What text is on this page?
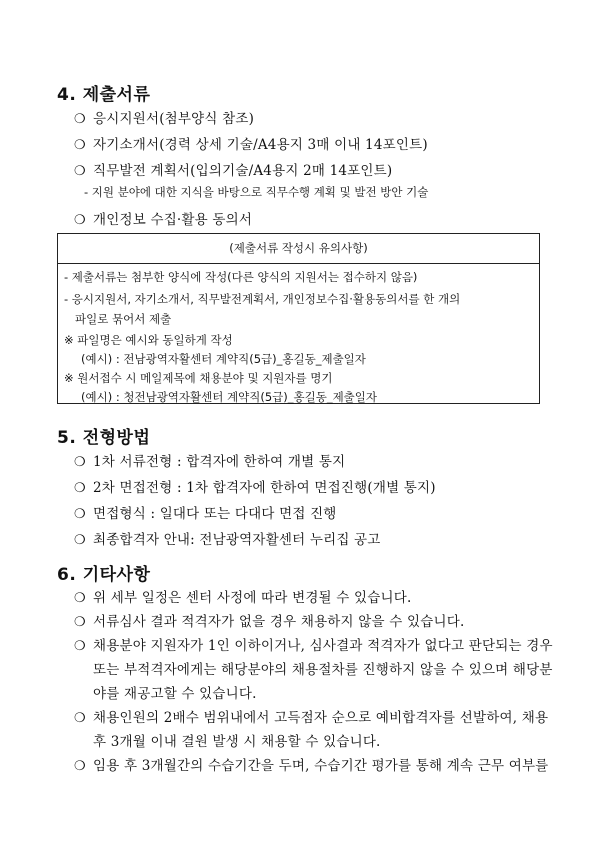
4. 제출서류
❍ 응시지원서(첨부양식 참조)
❍ 자기소개서(경력 상세 기술/A4용지 3매 이내 14포인트)
❍ 직무발전 계획서(입의기술/A4용지 2매 14포인트)
- 지원 분야에 대한 지식을 바탕으로 직무수행 계획 및 발전 방안 기술
❍ 개인정보 수집·활용 동의서
(제출서류 작성시 유의사항)
- 제출서류는 첨부한 양식에 작성(다른 양식의 지원서는 접수하지 않음)
- 응시지원서, 자기소개서, 직무발전계획서, 개인정보수집·활용동의서를 한 개의
파일로 묶어서 제출
※ 파일명은 예시와 동일하게 작성
(예시) : 전남광역자활센터 계약직(5급)_홍길동_제출일자
※ 원서접수 시 메일제목에 채용분야 및 지원자를 명기
(예시) : 청전남광역자활센터 계약직(5급)_홍길동_제출일자
5. 전형방법
❍ 1차 서류전형 : 합격자에 한하여 개별 통지
❍ 2차 면접전형 : 1차 합격자에 한하여 면접진행(개별 통지)
❍ 면접형식 : 일대다 또는 다대다 면접 진행
❍ 최종합격자 안내: 전남광역자활센터 누리집 공고
6. 기타사항
❍ 위 세부 일정은 센터 사정에 따라 변경될 수 있습니다.
❍ 서류심사 결과 적격자가 없을 경우 채용하지 않을 수 있습니다.
❍ 채용분야 지원자가 1인 이하이거나, 심사결과 적격자가 없다고 판단되는 경우
또는 부적격자에게는 해당분야의 채용절차를 진행하지 않을 수 있으며 해당분
야를 재공고할 수 있습니다.
❍ 채용인원의 2배수 범위내에서 고득점자 순으로 예비합격자를 선발하여, 채용
후 3개월 이내 결원 발생 시 채용할 수 있습니다.
❍ 임용 후 3개월간의 수습기간을 두며, 수습기간 평가를 통해 계속 근무 여부를
